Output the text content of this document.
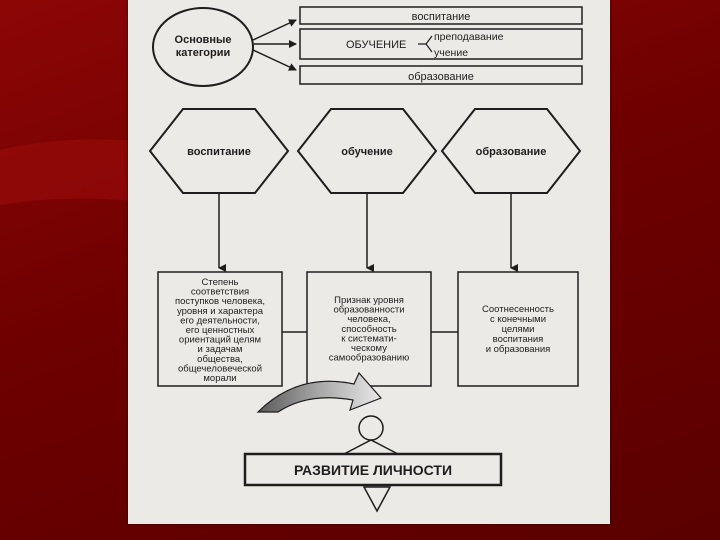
Основные
категории
воспитание
ОБУЧЕНИЕ
преподавание
учение
образование
воспитание	обучение	образование
Степень
соответствия
поступков человека,
уровня и характера
его деятельности,
его ценностных
ориентаций целям
и задачам
общества,
общечеловеческой
морали
Признак уровня
образованности
человека,
способность
к системати-
ческому
самообразованию
Соотнесенность
с конечными
целями
воспитания
и образования
РАЗВИТИЕ ЛИЧНОСТИ
